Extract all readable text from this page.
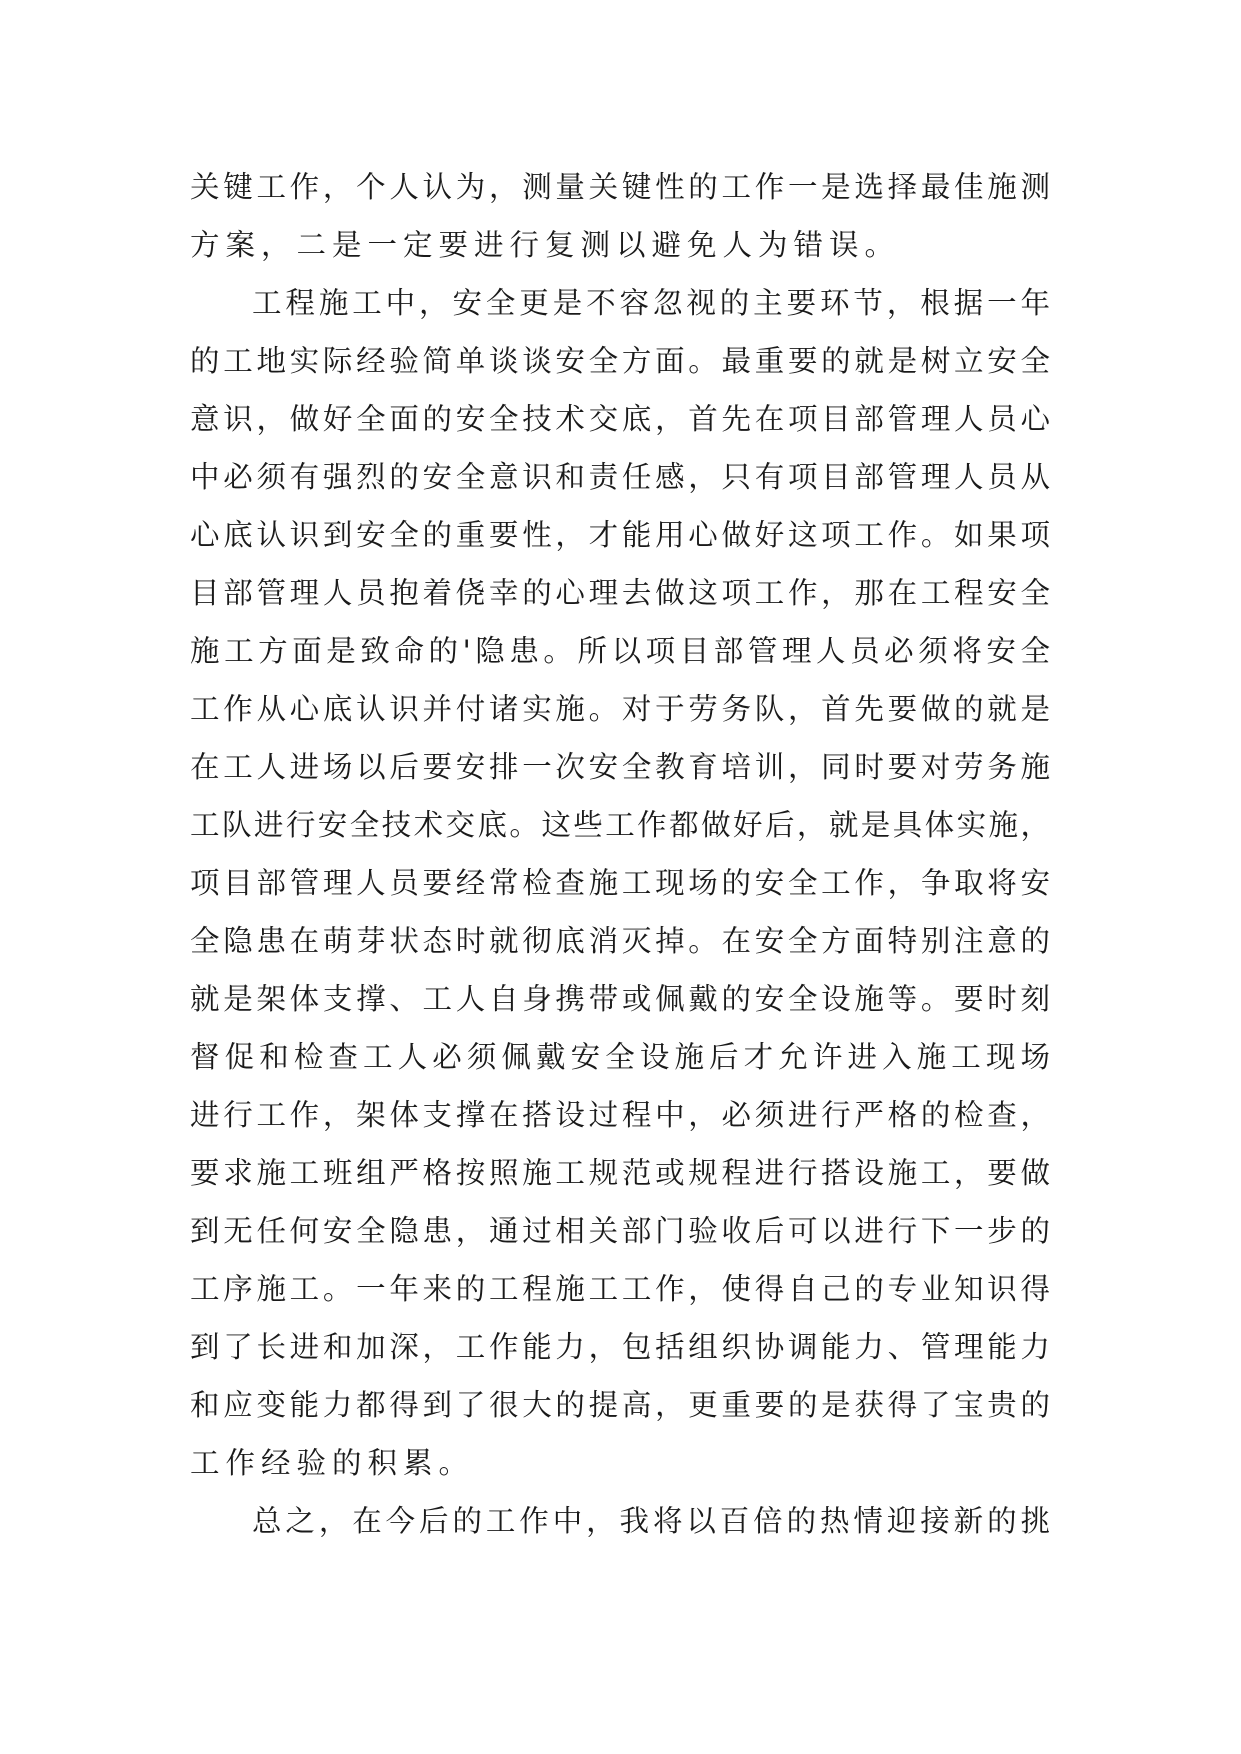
关键工作，个人认为，测量关键性的工作一是选择最佳施测
方案，二是一定要进行复测以避免人为错误。
工程施工中，安全更是不容忽视的主要环节，根据一年
的工地实际经验简单谈谈安全方面。最重要的就是树立安全
意识，做好全面的安全技术交底，首先在项目部管理人员心
中必须有强烈的安全意识和责任感，只有项目部管理人员从
心底认识到安全的重要性，才能用心做好这项工作。如果项
目部管理人员抱着侥幸的心理去做这项工作，那在工程安全
施工方面是致命的'隐患。所以项目部管理人员必须将安全
工作从心底认识并付诸实施。对于劳务队，首先要做的就是
在工人进场以后要安排一次安全教育培训，同时要对劳务施
工队进行安全技术交底。这些工作都做好后，就是具体实施，
项目部管理人员要经常检查施工现场的安全工作，争取将安
全隐患在萌芽状态时就彻底消灭掉。在安全方面特别注意的
就是架体支撑、工人自身携带或佩戴的安全设施等。要时刻
督促和检查工人必须佩戴安全设施后才允许进入施工现场
进行工作，架体支撑在搭设过程中，必须进行严格的检查，
要求施工班组严格按照施工规范或规程进行搭设施工，要做
到无任何安全隐患，通过相关部门验收后可以进行下一步的
工序施工。一年来的工程施工工作，使得自己的专业知识得
到了长进和加深，工作能力，包括组织协调能力、管理能力
和应变能力都得到了很大的提高，更重要的是获得了宝贵的
工作经验的积累。
总之，在今后的工作中，我将以百倍的热情迎接新的挑
